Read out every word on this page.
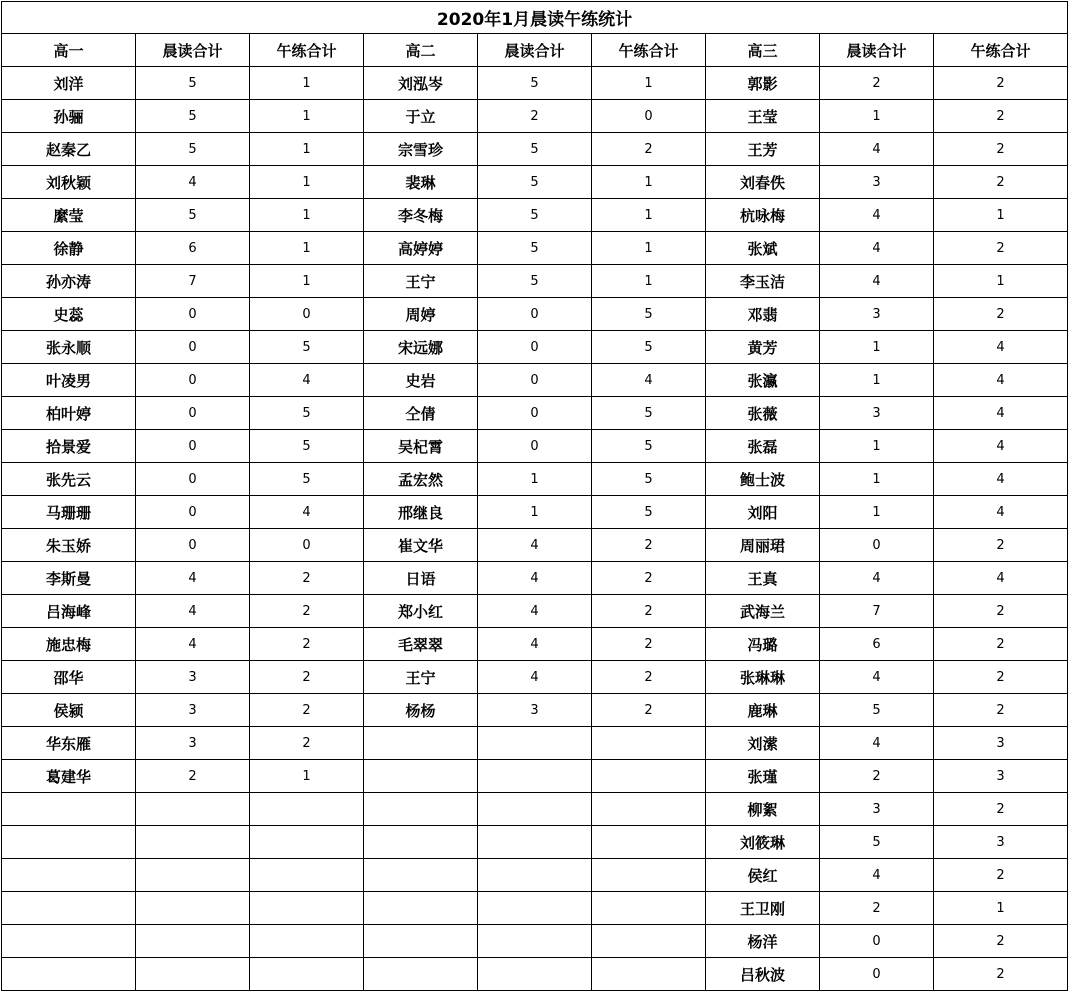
2020年1月晨读午练统计								
高一	晨读合计	午练合计	高二	晨读合计	午练合计	高三	晨读合计	午练合计
刘洋	5	1	刘泓岑	5	1	郭影	2	2
孙骊	5	1	于立	2	0	王莹	1	2
赵秦乙	5	1	宗雪珍	5	2	王芳	4	2
刘秋颖	4	1	裴琳	5	1	刘春佚	3	2
縻莹	5	1	李冬梅	5	1	杭咏梅	4	1
徐静	6	1	高婷婷	5	1	张斌	4	2
孙亦涛	7	1	王宁	5	1	李玉洁	4	1
史蕊	0	0	周婷	0	5	邓翡	3	2
张永顺	0	5	宋远娜	0	5	黄芳	1	4
叶凌男	0	4	史岩	0	4	张瀛	1	4
柏叶婷	0	5	仝倩	0	5	张薇	3	4
拾景爱	0	5	吴杞霄	0	5	张磊	1	4
张先云	0	5	孟宏然	1	5	鲍士波	1	4
马珊珊	0	4	邢继良	1	5	刘阳	1	4
朱玉娇	0	0	崔文华	4	2	周丽珺	0	2
李斯曼	4	2	日语	4	2	王真	4	4
吕海峰	4	2	郑小红	4	2	武海兰	7	2
施忠梅	4	2	毛翠翠	4	2	冯璐	6	2
邵华	3	2	王宁	4	2	张琳琳	4	2
侯颍	3	2	杨杨	3	2	鹿琳	5	2
华东雁	3	2				刘潆	4	3
葛建华	2	1				张瑾	2	3
						柳絮	3	2
						刘筱琳	5	3
						侯红	4	2
						王卫刚	2	1
						杨洋	0	2
						吕秋波	0	2
